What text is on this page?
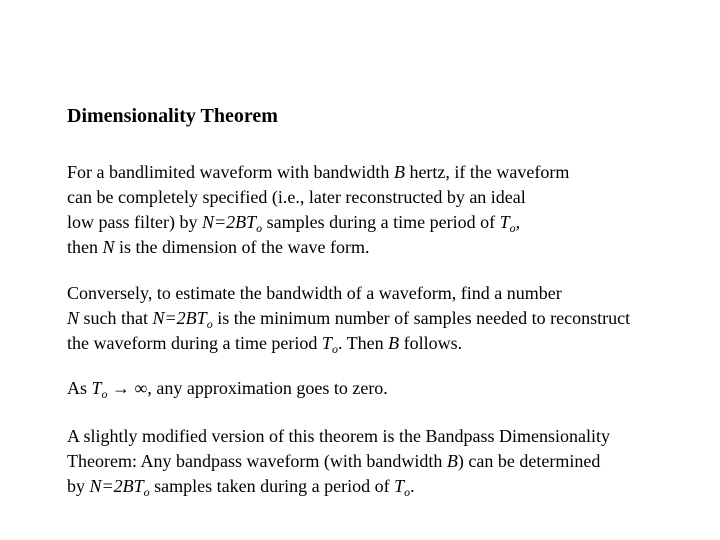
Dimensionality Theorem
For a bandlimited waveform with bandwidth B hertz, if the waveform
can be completely specified (i.e., later reconstructed by an ideal
low pass filter) by $N=2BT_o$ samples during a time period of $T_o$,
then N is the dimension of the wave form.
Conversely, to estimate the bandwidth of a waveform, find a number
N such that $N=2BT_o$ is the minimum number of samples needed to reconstruct
the waveform during a time period $T_o$. Then B follows.
As $T_o$ → ∞, any approximation goes to zero.
A slightly modified version of this theorem is the Bandpass Dimensionality
Theorem: Any bandpass waveform (with bandwidth B) can be determined
by $N=2BT_o$ samples taken during a period of $T_o$.
